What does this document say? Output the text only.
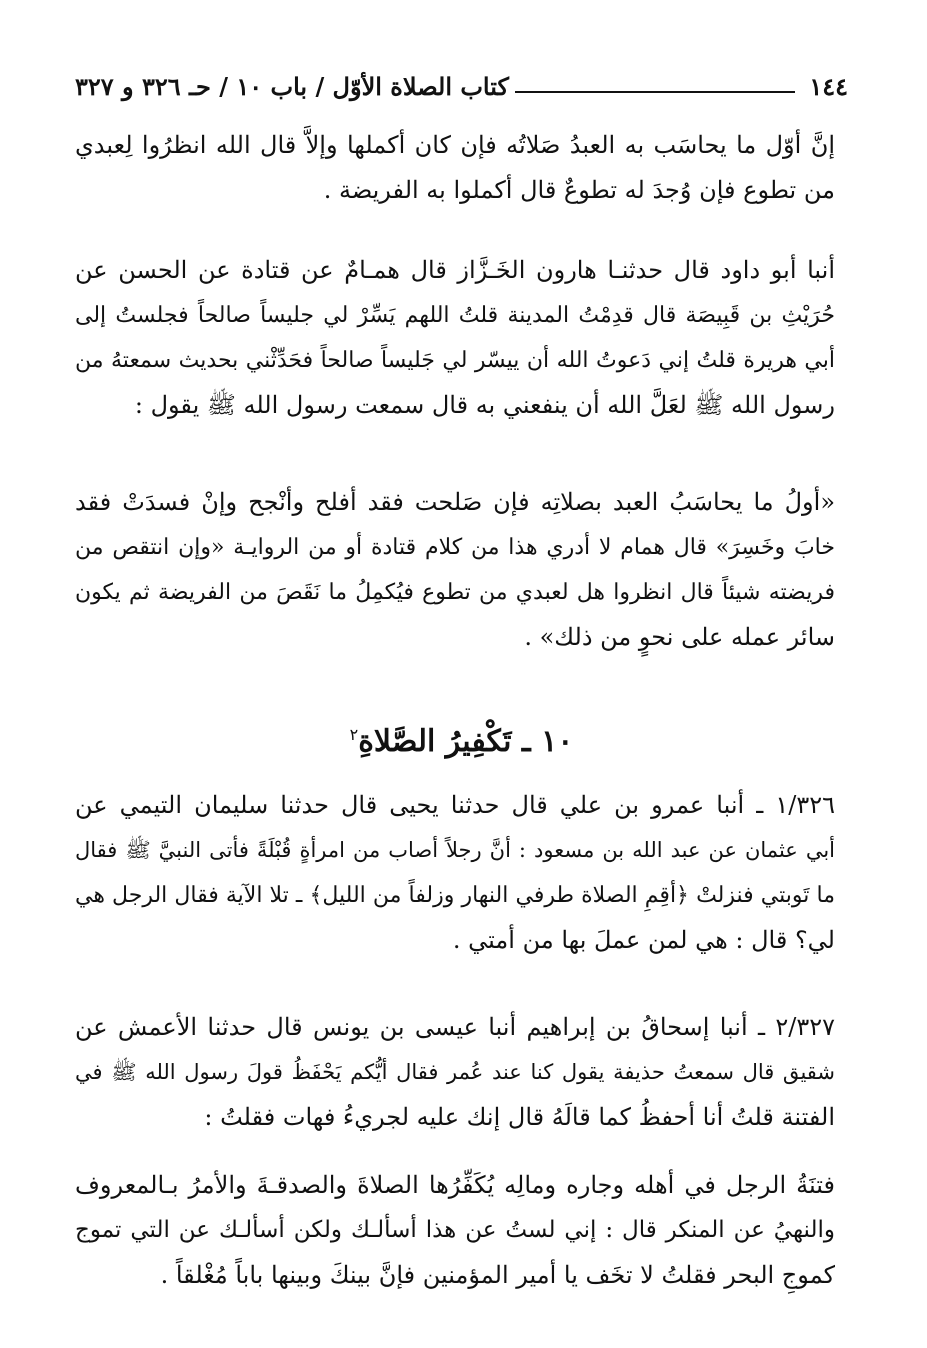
١٤٤
كتاب الصلاة الأوّل / باب ١٠ / حـ ٣٢٦ و ٣٢٧

إنَّ أوّل ما يحاسَب به العبدُ صَلاتُه فإن كان أكملها وإلاَّ قال الله انظرُوا لِعبدي
من تطوع فإن وُجدَ له تطوعٌ قال أكملوا به الفريضة .

أنبا أبو داود قال حدثنـا هارون الخَـزَّاز قال همـامٌ عن قتادة عن الحسن عن
حُرَيْثِ بن قَبِيصَة قال قدِمْتُ المدينة قلتُ اللهم يَسِّرْ لي جليساً صالحاً فجلستُ إلى
أبي هريرة قلتُ إني دَعوتُ الله أن ييسّر لي جَليساً صالحاً فحَدِّثْني بحديث سمعتهُ من
رسول الله ﷺ لعَلَّ الله أن ينفعني به قال سمعت رسول الله ﷺ يقول :

«أولُ ما يحاسَبُ العبد بصلاتِه فإن صَلحت فقد أفلح وأنْجح وإنْ فسدَتْ فقد
خابَ وخَسِرَ» قال همام لا أدري هذا من كلام قتادة أو من الروايـة «وإن انتقص من
فريضته شيئاً قال انظروا هل لعبدي من تطوع فيُكمِلُ ما نَقَصَ من الفريضة ثم يكون
سائر عمله على نحوٍ من ذلك» .

١٠ ـ تَكْفِيرُ الصَّلاةِ$^٢$

١/٣٢٦ ـ أنبا عمرو بن علي قال حدثنا يحيى قال حدثنا سليمان التيمي عن
أبي عثمان عن عبد الله بن مسعود : أنَّ رجلاً أصاب من امرأةٍ قُبْلَةً فأتى النبيَّ ﷺ فقال
ما تَوبتي فنزلتْ ﴿أقِمِ الصلاة طرفي النهار وزلفاً من الليل﴾ ـ تلا الآية فقال الرجل هي
لي؟ قال : هي لمن عملَ بها من أمتي .

٢/٣٢٧ ـ أنبا إسحاقُ بن إبراهيم أنبا عيسى بن يونس قال حدثنا الأعمش عن
شقيق قال سمعتُ حذيفة يقول كنا عند عُمر فقال أيُّكم يَحْفَظُ قولَ رسول الله ﷺ في
الفتنة قلتُ أنا أحفظُ كما قالَهُ قال إنك عليه لجريءُ فهات فقلتُ :

فتنَةُ الرجل في أهله وجاره ومالِه يُكَفِّرُها الصلاةَ والصدقـةَ والأمرُ بـالمعروف
والنهيُ عن المنكر قال : إني لستُ عن هذا أسألـك ولكن أسألـك عن التي تموج
كموجِ البحر فقلتُ لا تخَف يا أمير المؤمنين فإنَّ بينكَ وبينها باباً مُغْلقاً .
